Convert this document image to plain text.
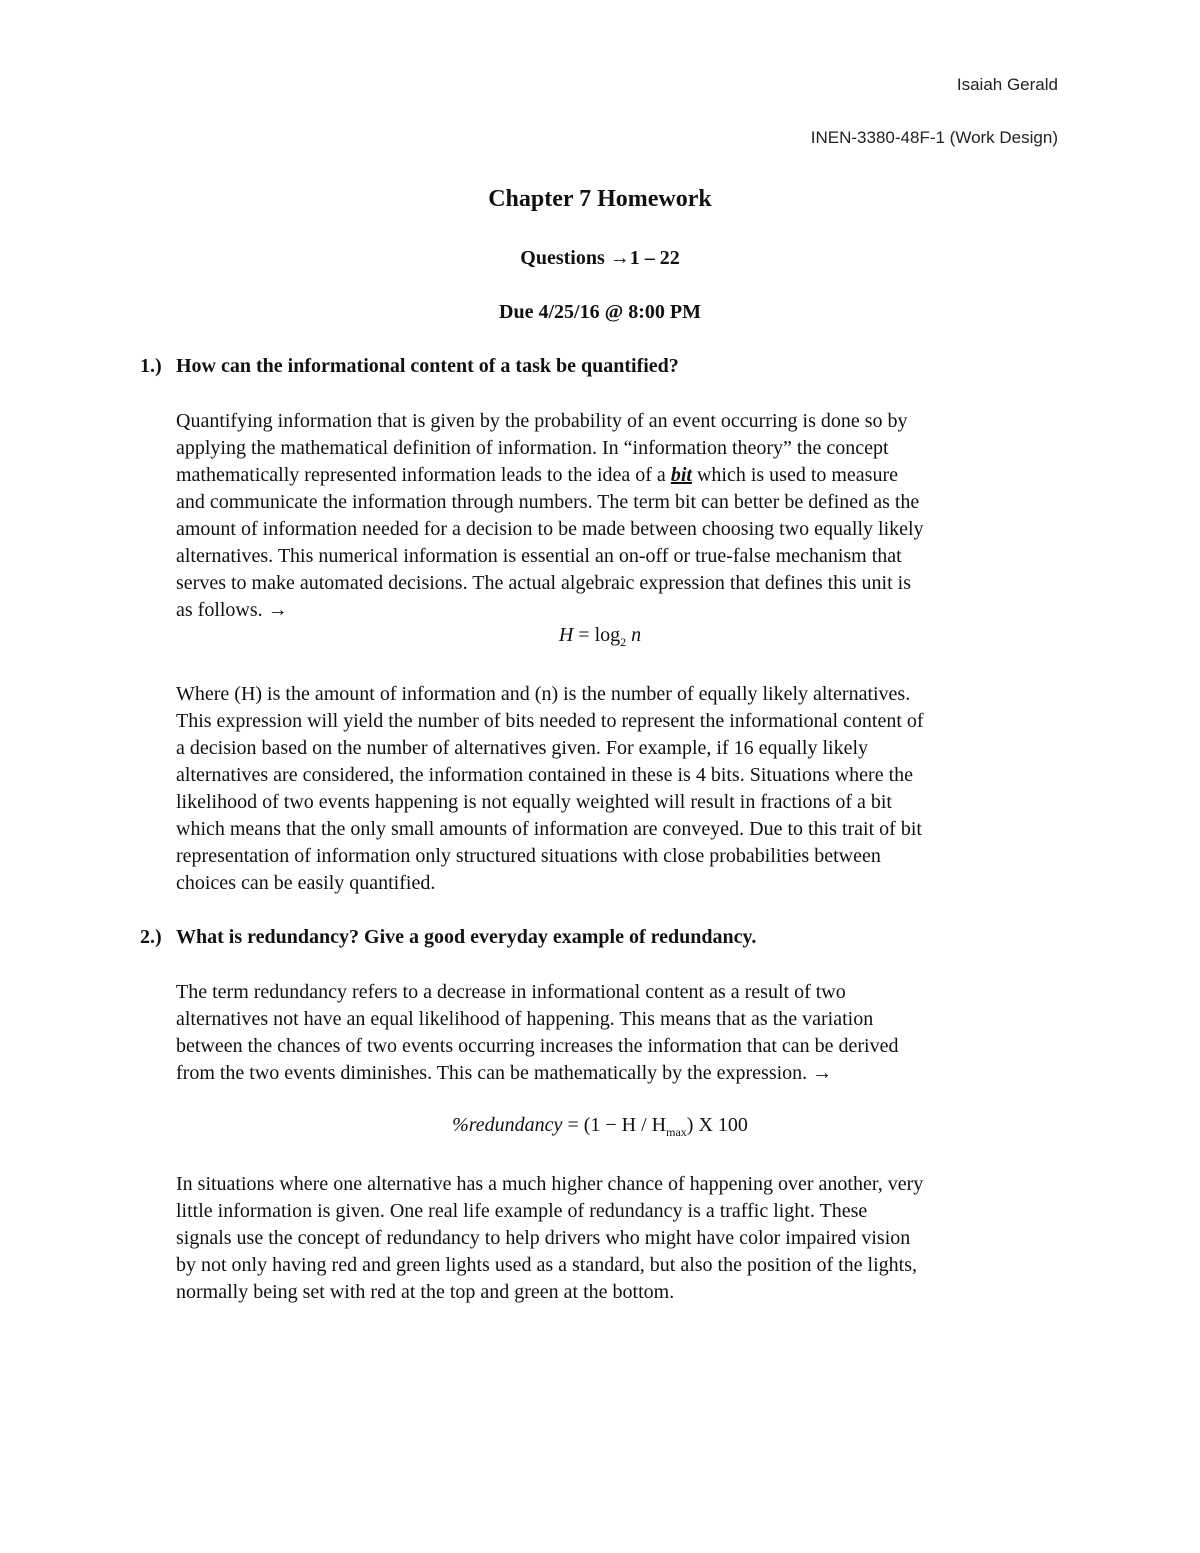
Isaiah Gerald
INEN-3380-48F-1 (Work Design)
Chapter 7 Homework
Questions →1 – 22
Due 4/25/16 @ 8:00 PM
1.) How can the informational content of a task be quantified?
Quantifying information that is given by the probability of an event occurring is done so by
applying the mathematical definition of information. In “information theory” the concept
mathematically represented information leads to the idea of a bit which is used to measure
and communicate the information through numbers. The term bit can better be defined as the
amount of information needed for a decision to be made between choosing two equally likely
alternatives. This numerical information is essential an on-off or true-false mechanism that
serves to make automated decisions. The actual algebraic expression that defines this unit is
as follows. →
$H = \log_2 n$
Where (H) is the amount of information and (n) is the number of equally likely alternatives.
This expression will yield the number of bits needed to represent the informational content of
a decision based on the number of alternatives given. For example, if 16 equally likely
alternatives are considered, the information contained in these is 4 bits. Situations where the
likelihood of two events happening is not equally weighted will result in fractions of a bit
which means that the only small amounts of information are conveyed. Due to this trait of bit
representation of information only structured situations with close probabilities between
choices can be easily quantified.
2.) What is redundancy? Give a good everyday example of redundancy.
The term redundancy refers to a decrease in informational content as a result of two
alternatives not have an equal likelihood of happening. This means that as the variation
between the chances of two events occurring increases the information that can be derived
from the two events diminishes. This can be mathematically by the expression. →
%redundancy = $(1 - H / H_{max})$ X 100
In situations where one alternative has a much higher chance of happening over another, very
little information is given. One real life example of redundancy is a traffic light. These
signals use the concept of redundancy to help drivers who might have color impaired vision
by not only having red and green lights used as a standard, but also the position of the lights,
normally being set with red at the top and green at the bottom.
